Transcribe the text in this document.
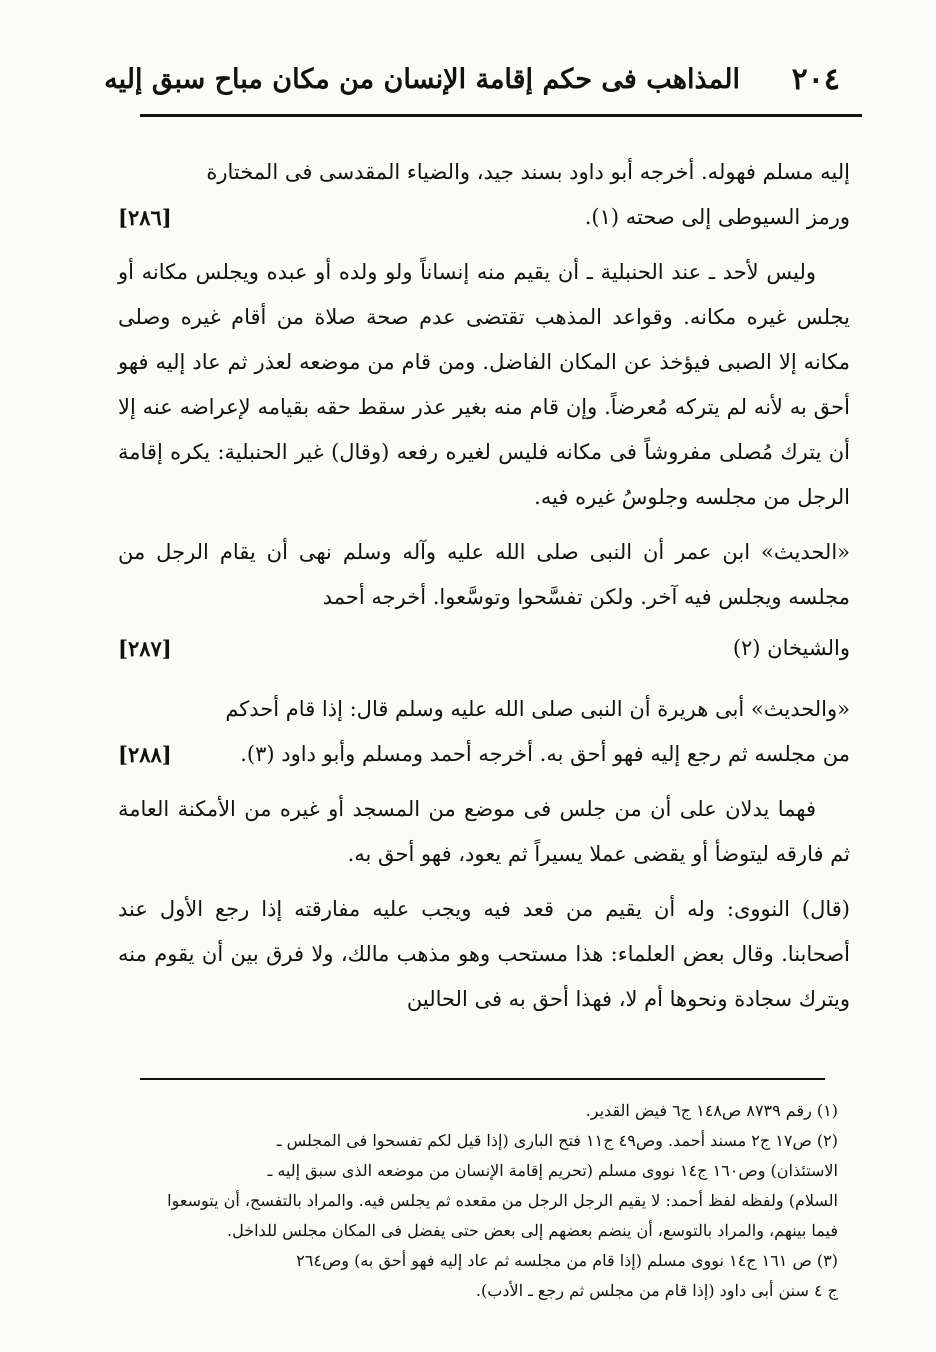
٢٠٤
المذاهب فى حكم إقامة الإنسان من مكان مباح سبق إليه
إليه مسلم فهوله. أخرجه أبو داود بسند جيد، والضياء المقدسى فى المختارة
ورمز السيوطى إلى صحته (١).
[٢٨٦]

وليس لأحد ـ عند الحنبلية ـ أن يقيم منه إنساناً ولو ولده أو عبده ويجلس مكانه أو يجلس غيره مكانه. وقواعد المذهب تقتضى عدم صحة صلاة من أقام غيره وصلى مكانه إلا الصبى فيؤخذ عن المكان الفاضل. ومن قام من موضعه لعذر ثم عاد إليه فهو أحق به لأنه لم يتركه مُعرضاً. وإن قام منه بغير عذر سقط حقه بقيامه لإعراضه عنه إلا أن يترك مُصلى مفروشاً فى مكانه فليس لغيره رفعه (وقال) غير الحنبلية: يكره إقامة الرجل من مجلسه وجلوسُ غيره فيه.

«الحديث» ابن عمر أن النبى صلى الله عليه وآله وسلم نهى أن يقام الرجل من مجلسه ويجلس فيه آخر. ولكن تفسَّحوا وتوسَّعوا. أخرجه أحمد

والشيخان (٢)
[٢٨٧]

«والحديث» أبى هريرة أن النبى صلى الله عليه وسلم قال: إذا قام أحدكم

من مجلسه ثم رجع إليه فهو أحق به. أخرجه أحمد ومسلم وأبو داود (٣).
[٢٨٨]

فهما يدلان على أن من جلس فى موضع من المسجد أو غيره من الأمكنة العامة ثم فارقه ليتوضأ أو يقضى عملا يسيراً ثم يعود، فهو أحق به.

(قال) النووى: وله أن يقيم من قعد فيه ويجب عليه مفارقته إذا رجع الأول عند أصحابنا. وقال بعض العلماء: هذا مستحب وهو مذهب مالك، ولا فرق بين أن يقوم منه ويترك سجادة ونحوها أم لا، فهذا أحق به فى الحالين

(١) رقم ٨٧٣٩ ص١٤٨ ج٦ فيض القدير.

(٢) ص١٧ ج٢ مسند أحمد. وص٤٩ ج١١ فتح البارى (إذا قيل لكم تفسحوا فى المجلس ـ

الاستئذان) وص١٦٠ ج١٤ نووى مسلم (تحريم إقامة الإنسان من موضعه الذى سبق إليه ـ

السلام) ولفظه لفظ أحمد: لا يقيم الرجل الرجل من مقعده ثم يجلس فيه. والمراد بالتفسح، أن يتوسعوا

فيما بينهم، والمراد بالتوسع، أن ينضم بعضهم إلى بعض حتى يفضل فى المكان مجلس للداخل.

(٣) ص ١٦١ ج١٤ نووى مسلم (إذا قام من مجلسه ثم عاد إليه فهو أحق به) وص٢٦٤

ج ٤ سنن أبى داود (إذا قام من مجلس ثم رجع ـ الأدب).
